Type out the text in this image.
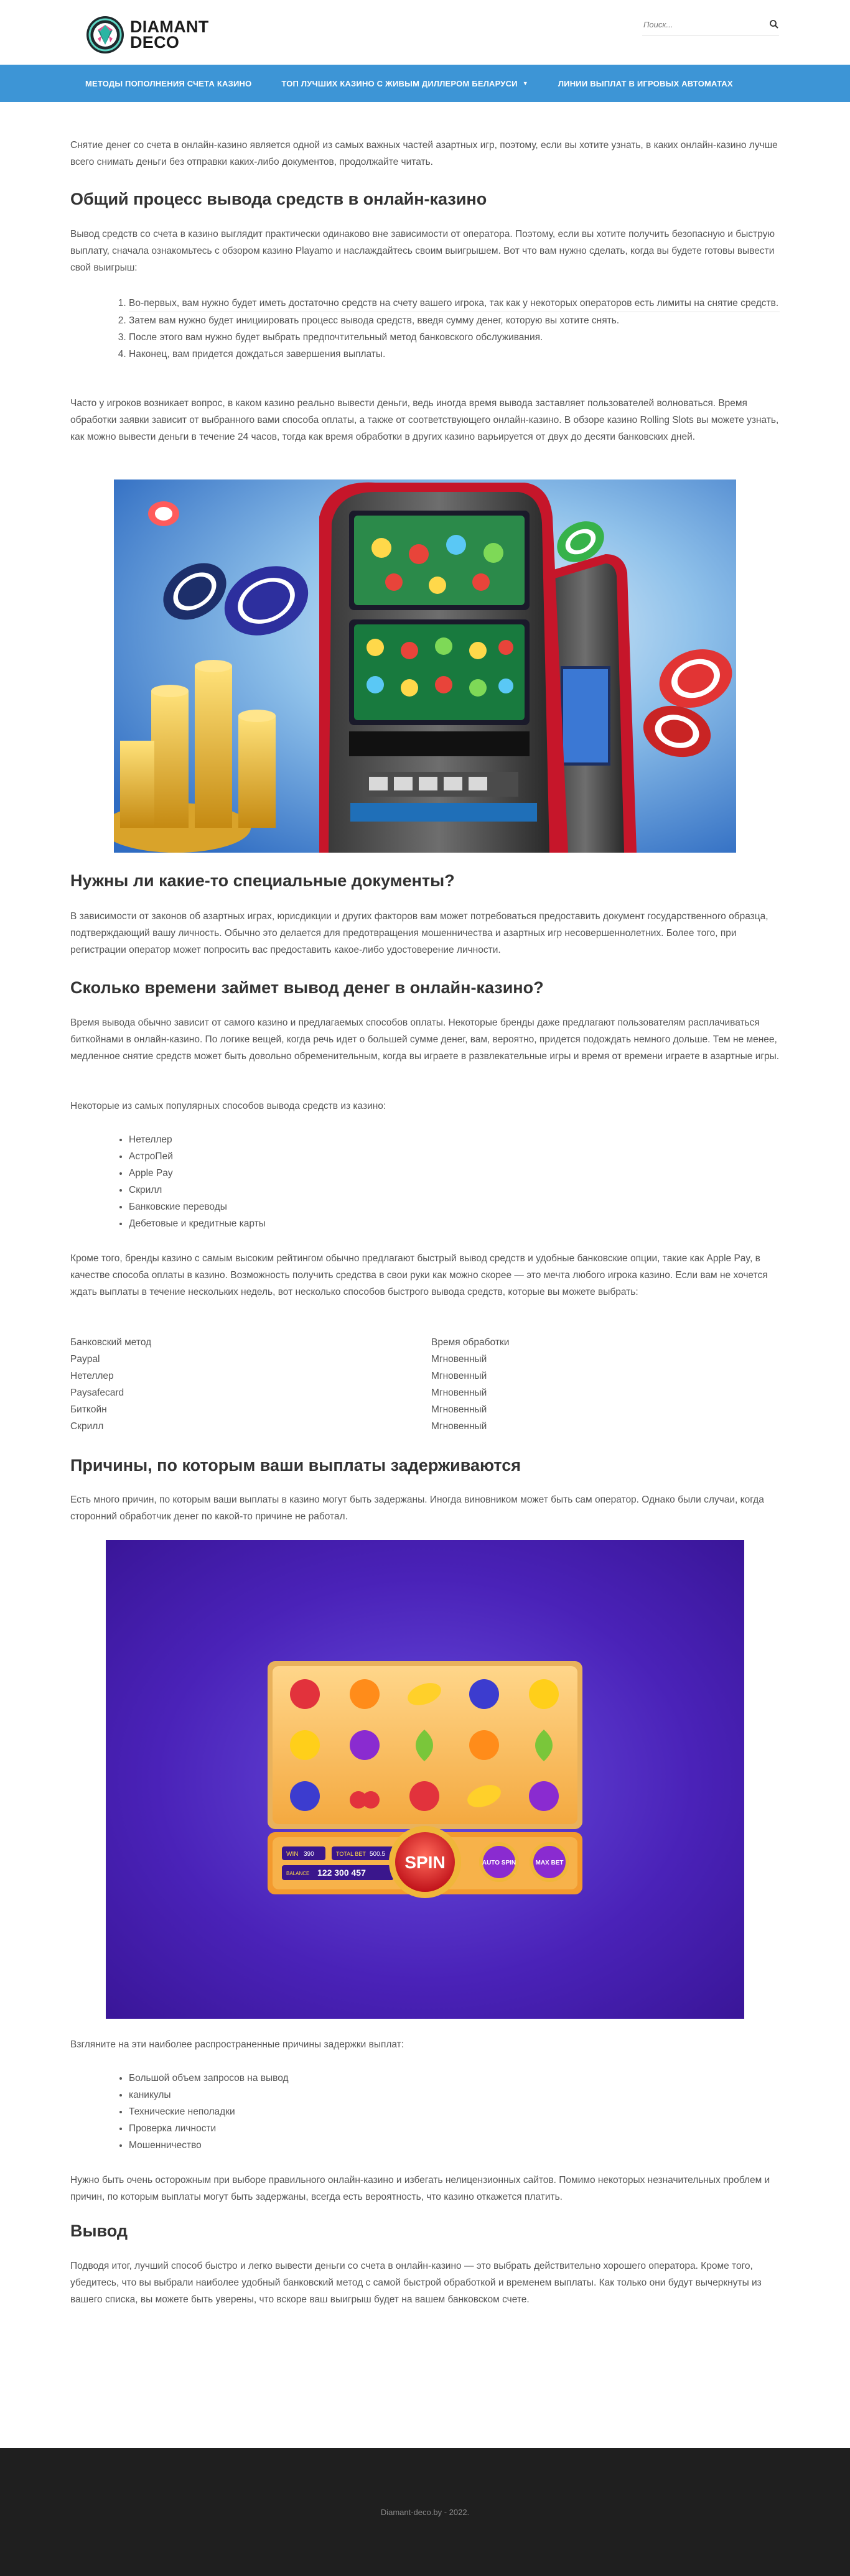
DIAMANT
DECO
Поиск...
МЕТОДЫ ПОПОЛНЕНИЯ СЧЕТА КАЗИНО	ТОП ЛУЧШИХ КАЗИНО С ЖИВЫМ ДИЛЛЕРОМ БЕЛАРУСИ ▼	ЛИНИИ ВЫПЛАТ В ИГРОВЫХ АВТОМАТАХ

Снятие денег со счета в онлайн-казино является одной из самых важных частей азартных игр, поэтому, если вы хотите узнать, в каких онлайн-казино лучше всего снимать деньги без отправки каких-либо документов, продолжайте читать.

Общий процесс вывода средств в онлайн-казино

Вывод средств со счета в казино выглядит практически одинаково вне зависимости от оператора. Поэтому, если вы хотите получить безопасную и быструю выплату, сначала ознакомьтесь с обзором казино Playamo и наслаждайтесь своим выигрышем. Вот что вам нужно сделать, когда вы будете готовы вывести свой выигрыш:

1. Во-первых, вам нужно будет иметь достаточно средств на счету вашего игрока, так как у некоторых операторов есть лимиты на снятие средств.
2. Затем вам нужно будет инициировать процесс вывода средств, введя сумму денег, которую вы хотите снять.
3. После этого вам нужно будет выбрать предпочтительный метод банковского обслуживания.
4. Наконец, вам придется дождаться завершения выплаты.

Часто у игроков возникает вопрос, в каком казино реально вывести деньги, ведь иногда время вывода заставляет пользователей волноваться. Время обработки заявки зависит от выбранного вами способа оплаты, а также от соответствующего онлайн-казино. В обзоре казино Rolling Slots вы можете узнать, как можно вывести деньги в течение 24 часов, тогда как время обработки в других казино варьируется от двух до десяти банковских дней.

Нужны ли какие-то специальные документы?

В зависимости от законов об азартных играх, юрисдикции и других факторов вам может потребоваться предоставить документ государственного образца, подтверждающий вашу личность. Обычно это делается для предотвращения мошенничества и азартных игр несовершеннолетних. Более того, при регистрации оператор может попросить вас предоставить какое-либо удостоверение личности.

Сколько времени займет вывод денег в онлайн-казино?

Время вывода обычно зависит от самого казино и предлагаемых способов оплаты. Некоторые бренды даже предлагают пользователям расплачиваться биткойнами в онлайн-казино. По логике вещей, когда речь идет о большей сумме денег, вам, вероятно, придется подождать немного дольше. Тем не менее, медленное снятие средств может быть довольно обременительным, когда вы играете в развлекательные игры и время от времени играете в азартные игры.

Некоторые из самых популярных способов вывода средств из казино:

• Нетеллер
• АстроПей
• Apple Pay
• Скрилл
• Банковские переводы
• Дебетовые и кредитные карты

Кроме того, бренды казино с самым высоким рейтингом обычно предлагают быстрый вывод средств и удобные банковские опции, такие как Apple Pay, в качестве способа оплаты в казино. Возможность получить средства в свои руки как можно скорее — это мечта любого игрока казино. Если вам не хочется ждать выплаты в течение нескольких недель, вот несколько способов быстрого вывода средств, которые вы можете выбрать:

Банковский метод	Время обработки
Paypal	Мгновенный
Нетеллер	Мгновенный
Paysafecard	Мгновенный
Биткойн	Мгновенный
Скрилл	Мгновенный
Причины, по которым ваши выплаты задерживаются

Есть много причин, по которым ваши выплаты в казино могут быть задержаны. Иногда виновником может быть сам оператор. Однако были случаи, когда сторонний обработчик денег по какой-то причине не работал.

WIN 390	TOTAL BET 500.5
BALANCE 122 300 457
SPIN	AUTO SPIN	MAX BET

Взгляните на эти наиболее распространенные причины задержки выплат:

• Большой объем запросов на вывод
• каникулы
• Технические неполадки
• Проверка личности
• Мошенничество

Нужно быть очень осторожным при выборе правильного онлайн-казино и избегать нелицензионных сайтов. Помимо некоторых незначительных проблем и причин, по которым выплаты могут быть задержаны, всегда есть вероятность, что казино откажется платить.

Вывод

Подводя итог, лучший способ быстро и легко вывести деньги со счета в онлайн-казино — это выбрать действительно хорошего оператора. Кроме того, убедитесь, что вы выбрали наиболее удобный банковский метод с самой быстрой обработкой и временем выплаты. Как только они будут вычеркнуты из вашего списка, вы можете быть уверены, что вскоре ваш выигрыш будет на вашем банковском счете.

Diamant-deco.by - 2022.
